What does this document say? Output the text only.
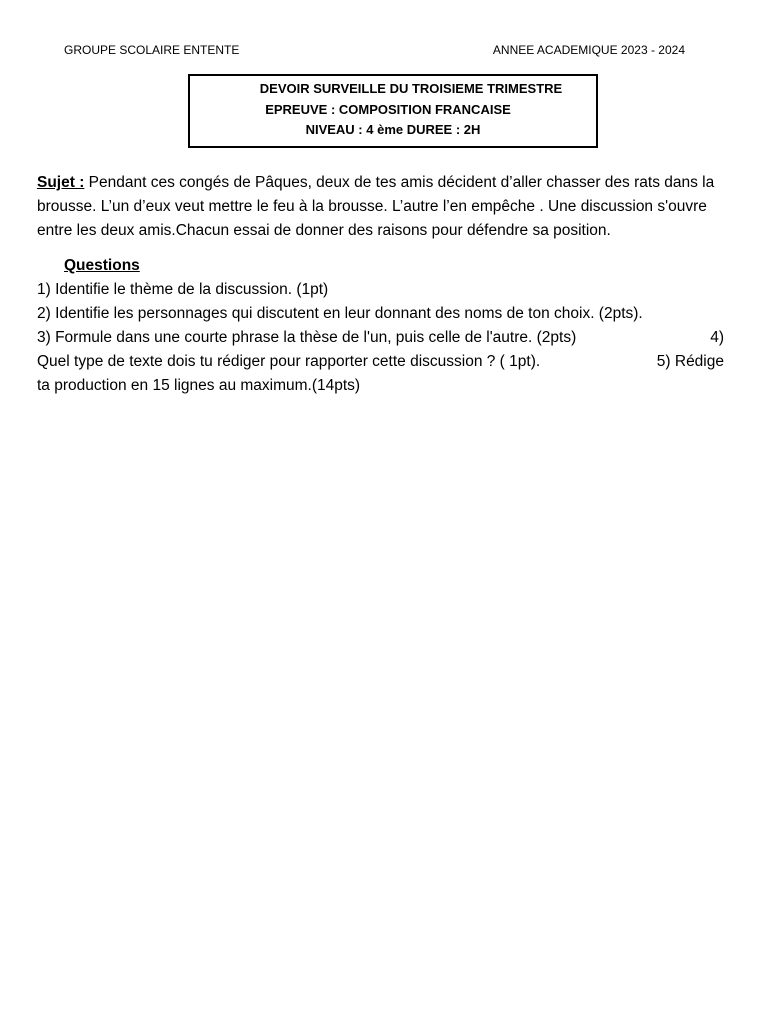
GROUPE SCOLAIRE ENTENTE	ANNEE ACADEMIQUE 2023 - 2024
DEVOIR SURVEILLE DU TROISIEME TRIMESTRE
EPREUVE : COMPOSITION FRANCAISE
NIVEAU : 4 ème DUREE : 2H

Sujet : Pendant ces congés de Pâques, deux de tes amis décident d’aller chasser des rats dans la brousse. L’un d’eux veut mettre le feu à la brousse. L’autre l’en empêche . Une discussion s'ouvre entre les deux amis.Chacun essai de donner des raisons pour défendre sa position.

Questions

1) Identifie le thème de la discussion. (1pt)

2) Identifie les personnages qui discutent en leur donnant des noms de ton choix. (2pts).

3) Formule dans une courte phrase la thèse de l'un, puis celle de l'autre. (2pts)	4)
Quel type de texte dois tu rédiger pour rapporter cette discussion ? ( 1pt).	5) Rédige

ta production en 15 lignes au maximum.(14pts)
